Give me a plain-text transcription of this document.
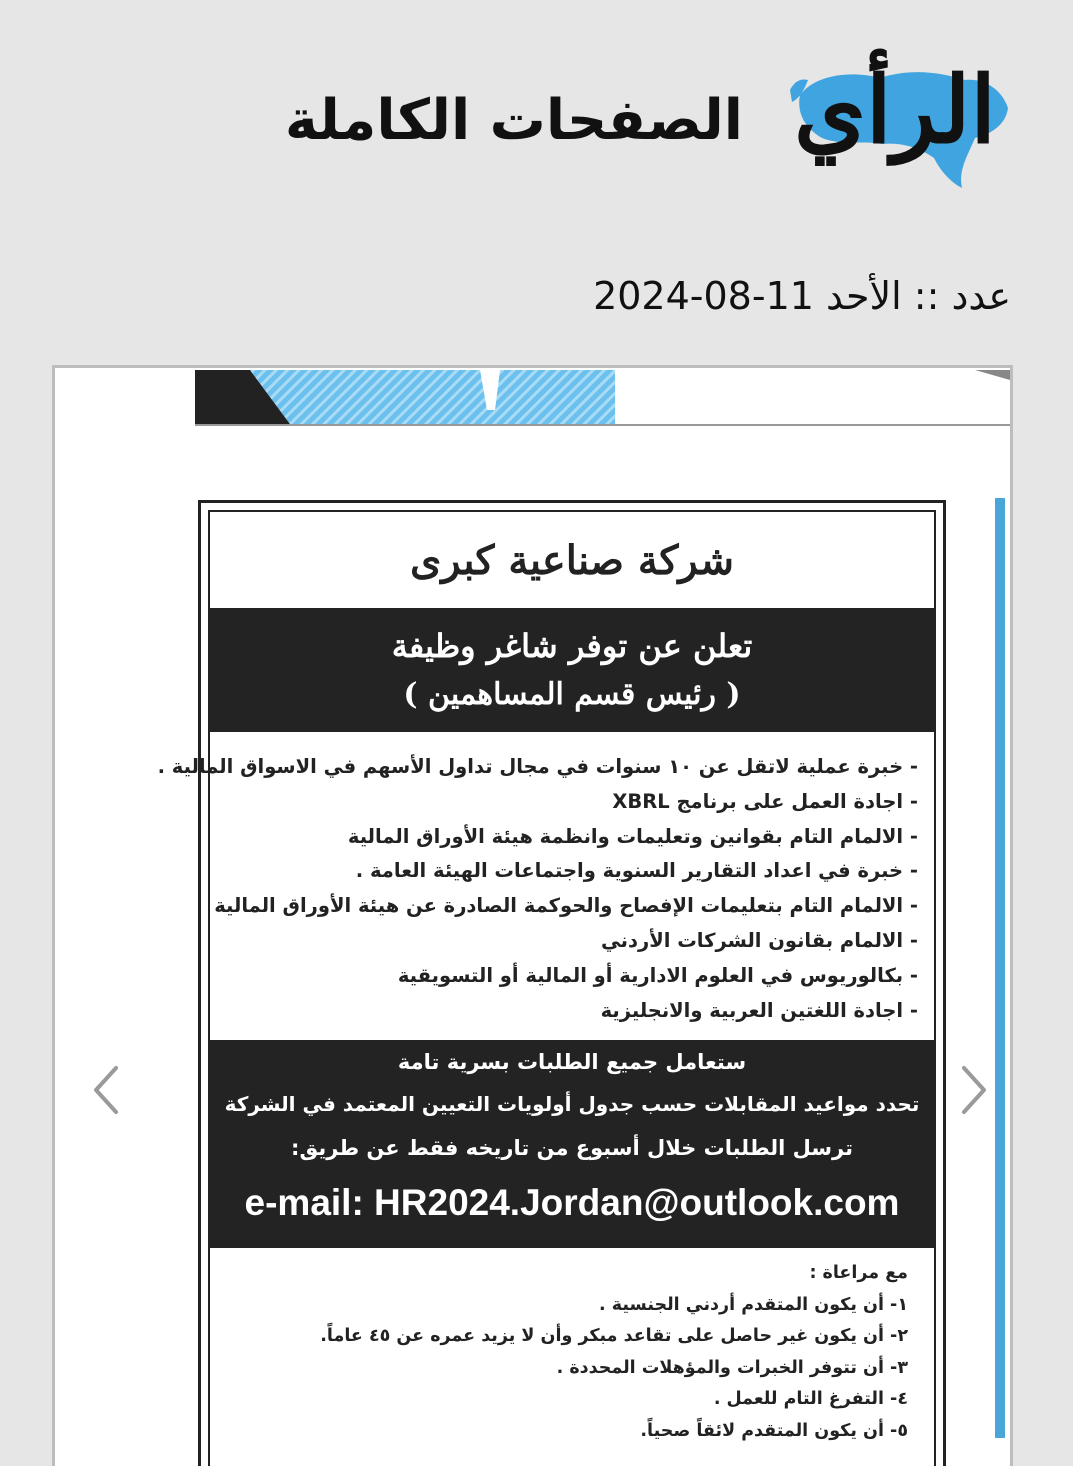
الرأي
الصفحات الكاملة
عدد :: الأحد 2024-08-11
شركة صناعية كبرى
تعلن عن توفر شاغر وظيفة
( رئيس قسم المساهمين )
- خبرة عملية لاتقل عن ١٠ سنوات في مجال تداول الأسهم في الاسواق المالية .
- اجادة العمل على برنامج XBRL
- الالمام التام بقوانين وتعليمات وانظمة هيئة الأوراق المالية
- خبرة في اعداد التقارير السنوية واجتماعات الهيئة العامة .
- الالمام التام بتعليمات الإفصاح والحوكمة الصادرة عن هيئة الأوراق المالية
- الالمام بقانون الشركات الأردني
- بكالوريوس في العلوم الادارية أو المالية أو التسويقية
- اجادة اللغتين العربية والانجليزية
ستعامل جميع الطلبات بسرية تامة
تحدد مواعيد المقابلات حسب جدول أولويات التعيين المعتمد في الشركة
ترسل الطلبات خلال أسبوع من تاريخه فقط عن طريق:
e-mail: HR2024.Jordan@outlook.com
مع مراعاة :
١- أن يكون المتقدم أردني الجنسية .
٢- أن يكون غير حاصل على تقاعد مبكر وأن لا يزيد عمره عن ٤٥ عاماً.
٣- أن تتوفر الخبرات والمؤهلات المحددة .
٤- التفرغ التام للعمل .
٥- أن يكون المتقدم لائقاً صحياً.
